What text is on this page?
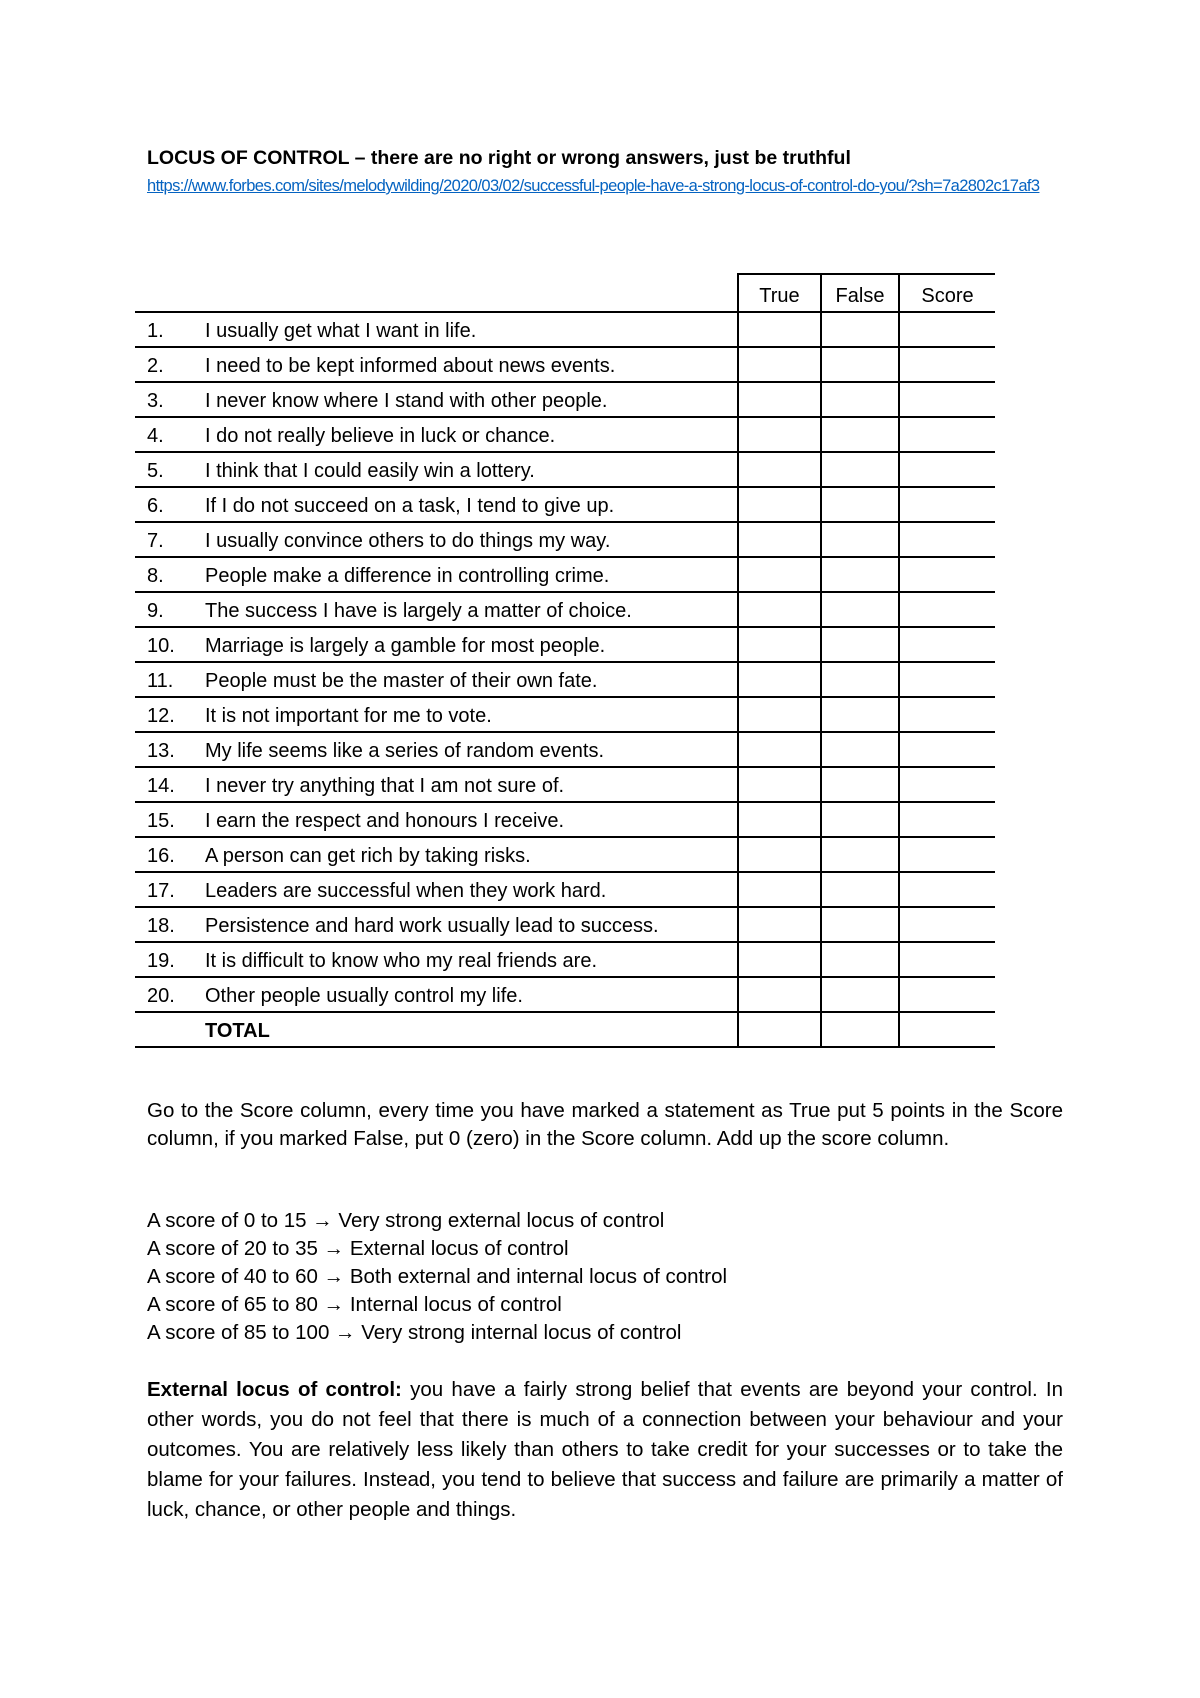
LOCUS OF CONTROL – there are no right or wrong answers, just be truthful
https://www.forbes.com/sites/melodywilding/2020/03/02/successful-people-have-a-strong-locus-of-control-do-you/?sh=7a2802c17af3
		True	False	Score
1.	I usually get what I want in life.			
2.	I need to be kept informed about news events.			
3.	I never know where I stand with other people.			
4.	I do not really believe in luck or chance.			
5.	I think that I could easily win a lottery.			
6.	If I do not succeed on a task, I tend to give up.			
7.	I usually convince others to do things my way.			
8.	People make a difference in controlling crime.			
9.	The success I have is largely a matter of choice.			
10.	Marriage is largely a gamble for most people.			
11.	People must be the master of their own fate.			
12.	It is not important for me to vote.			
13.	My life seems like a series of random events.			
14.	I never try anything that I am not sure of.			
15.	I earn the respect and honours I receive.			
16.	A person can get rich by taking risks.			
17.	Leaders are successful when they work hard.			
18.	Persistence and hard work usually lead to success.			
19.	It is difficult to know who my real friends are.			
20.	Other people usually control my life.			
	TOTAL			
Go to the Score column, every time you have marked a statement as True put 5 points in the Score column, if you marked False, put 0 (zero) in the Score column. Add up the score column.
A score of 0 to 15 → Very strong external locus of control
A score of 20 to 35 → External locus of control
A score of 40 to 60 → Both external and internal locus of control
A score of 65 to 80 → Internal locus of control
A score of 85 to 100 → Very strong internal locus of control
External locus of control: you have a fairly strong belief that events are beyond your control. In other words, you do not feel that there is much of a connection between your behaviour and your outcomes. You are relatively less likely than others to take credit for your successes or to take the blame for your failures. Instead, you tend to believe that success and failure are primarily a matter of luck, chance, or other people and things.
